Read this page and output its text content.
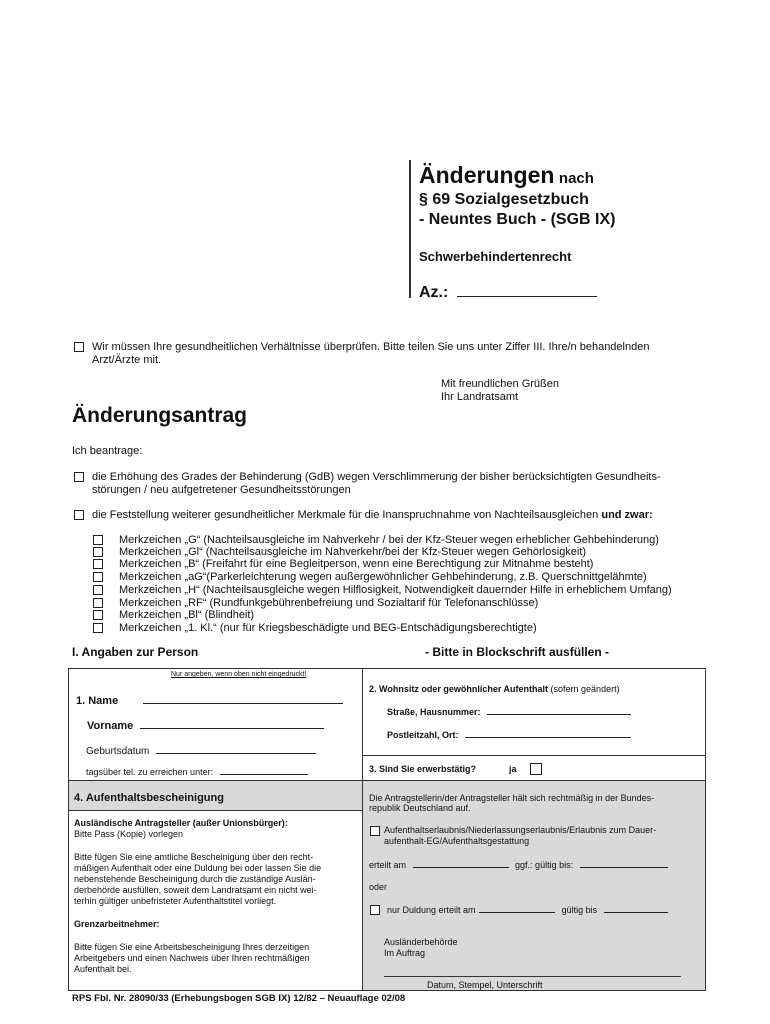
Änderungen nach
§ 69 Sozialgesetzbuch
- Neuntes Buch - (SGB IX)
Schwerbehindertenrecht
Az.:
Wir müssen Ihre gesundheitlichen Verhältnisse überprüfen. Bitte teilen Sie uns unter Ziffer III. Ihre/n behandelnden
Arzt/Ärzte mit.
Mit freundlichen Grüßen
Ihr Landratsamt
Änderungsantrag
Ich beantrage:
die Erhöhung des Grades der Behinderung (GdB) wegen Verschlimmerung der bisher berücksichtigten Gesundheits-
störungen / neu aufgetretener Gesundheitsstörungen
die Feststellung weiterer gesundheitlicher Merkmale für die Inanspruchnahme von Nachteilsausgleichen und zwar:
Merkzeichen „G“ (Nachteilsausgleiche im Nahverkehr / bei der Kfz-Steuer wegen erheblicher Gehbehinderung)
Merkzeichen „Gl“ (Nachteilsausgleiche im Nahverkehr/bei der Kfz-Steuer wegen Gehörlosigkeit)
Merkzeichen „B“ (Freifahrt für eine Begleitperson, wenn eine Berechtigung zur Mitnahme besteht)
Merkzeichen „aG“(Parkerleichterung wegen außergewöhnlicher Gehbehinderung, z.B. Querschnittgelähmte)
Merkzeichen „H“ (Nachteilsausgleiche wegen Hilflosigkeit, Notwendigkeit dauernder Hilfe in erheblichem Umfang)
Merkzeichen „RF“ (Rundfunkgebührenbefreiung und Sozialtarif für Telefonanschlüsse)
Merkzeichen „Bl“ (Blindheit)
Merkzeichen „1. Kl.“ (nur für Kriegsbeschädigte und BEG-Entschädigungsberechtigte)
I. Angaben zur Person	- Bitte in Blockschrift ausfüllen -
Nur angeben, wenn oben nicht eingedruckt!
1. Name
Vorname
Geburtsdatum
tagsüber tel. zu erreichen unter:
2. Wohnsitz oder gewöhnlicher Aufenthalt (sofern geändert)
Straße, Hausnummer:
Postleitzahl, Ort:
3. Sind Sie erwerbstätig?	ja
4. Aufenthaltsbescheinigung
Ausländische Antragsteller (außer Unionsbürger):
Bitte Pass (Kopie) vorlegen
Bitte fügen Sie eine amtliche Bescheinigung über den recht-
mäßigen Aufenthalt oder eine Duldung bei oder lassen Sie die
nebenstehende Bescheinigung durch die zuständige Auslän-
derbehörde ausfüllen, soweit dem Landratsamt ein nicht wei-
terhin gültiger unbefristeter Aufenthaltstitel vorliegt.
Grenzarbeitnehmer:
Bitte fügen Sie eine Arbeitsbescheinigung Ihres derzeitigen
Arbeitgebers und einen Nachweis über Ihren rechtmäßigen
Aufenthalt bei.
Die Antragstellerin/der Antragsteller hält sich rechtmäßig in der Bundes-
republik Deutschland auf.
Aufenthaltserlaubnis/Niederlassungserlaubnis/Erlaubnis zum Dauer-
aufenthalt-EG/Aufenthaltsgestattung
erteilt am	ggf.: gültig bis:
oder
nur Duldung erteilt am	gültig bis
Ausländerbehörde
Im Auftrag
Datum, Stempel, Unterschrift
RPS Fbl. Nr. 28090/33 (Erhebungsbogen SGB IX) 12/82 – Neuauflage 02/08
